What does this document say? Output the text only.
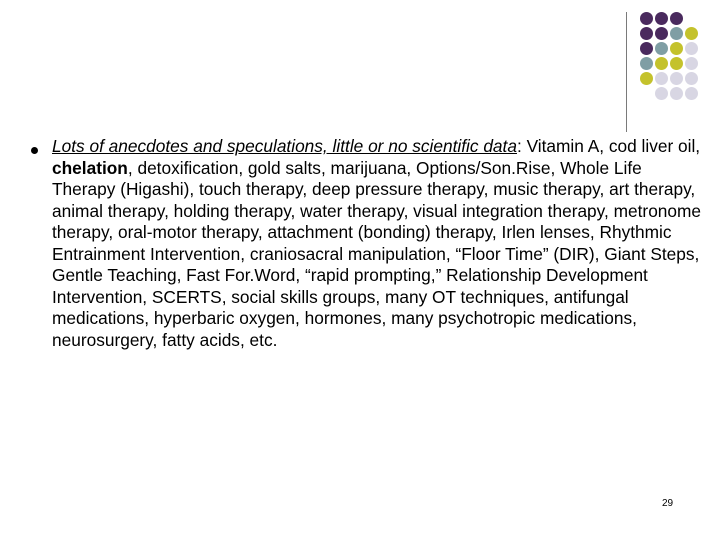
Lots of anecdotes and speculations, little or no scientific data: Vitamin A, cod liver oil, chelation, detoxification, gold salts, marijuana, Options/Son.Rise, Whole Life Therapy (Higashi), touch therapy, deep pressure therapy, music therapy, art therapy, animal therapy, holding therapy, water therapy, visual integration therapy, metronome therapy, oral-motor therapy, attachment (bonding) therapy, Irlen lenses, Rhythmic Entrainment Intervention, craniosacral manipulation, “Floor Time” (DIR), Giant Steps, Gentle Teaching, Fast For.Word, “rapid prompting,” Relationship Development Intervention, SCERTS, social skills groups, many OT techniques, antifungal medications, hyperbaric oxygen, hormones, many psychotropic medications, neurosurgery, fatty acids, etc.
29
